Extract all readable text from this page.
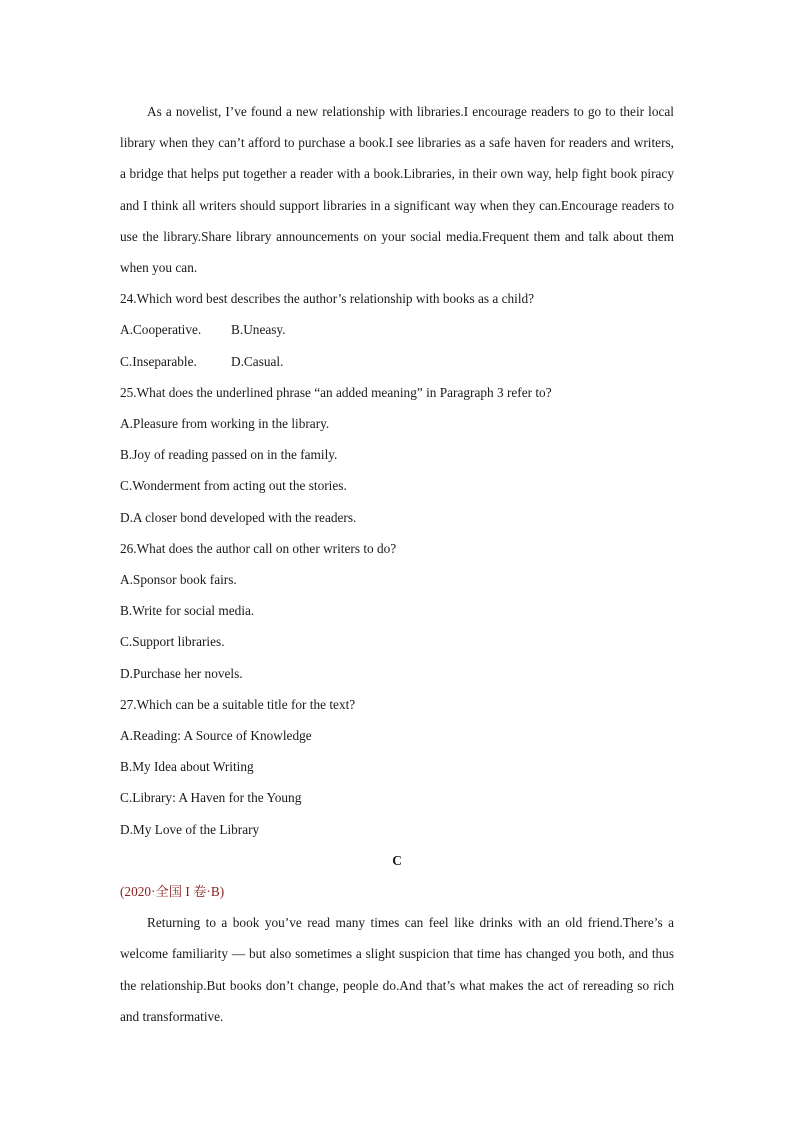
As a novelist, I’ve found a new relationship with libraries.I encourage readers to go to their local library when they can’t afford to purchase a book.I see libraries as a safe haven for readers and writers, a bridge that helps put together a reader with a book.Libraries, in their own way, help fight book piracy and I think all writers should support libraries in a significant way when they can.Encourage readers to use the library.Share library announcements on your social media.Frequent them and talk about them when you can.

24.Which word best describes the author’s relationship with books as a child?

A.Cooperative.	B.Uneasy.
C.Inseparable.	D.Casual.

25.What does the underlined phrase “an added meaning” in Paragraph 3 refer to?

A.Pleasure from working in the library.

B.Joy of reading passed on in the family.

C.Wonderment from acting out the stories.

D.A closer bond developed with the readers.

26.What does the author call on other writers to do?

A.Sponsor book fairs.

B.Write for social media.

C.Support libraries.

D.Purchase her novels.

27.Which can be a suitable title for the text?

A.Reading: A Source of Knowledge

B.My Idea about Writing

C.Library: A Haven for the Young

D.My Love of the Library

C

(2020·全国 I 卷·B)

Returning to a book you’ve read many times can feel like drinks with an old friend.There’s a welcome familiarity — but also sometimes a slight suspicion that time has changed you both, and thus the relationship.But books don’t change, people do.And that’s what makes the act of rereading so rich and transformative.
